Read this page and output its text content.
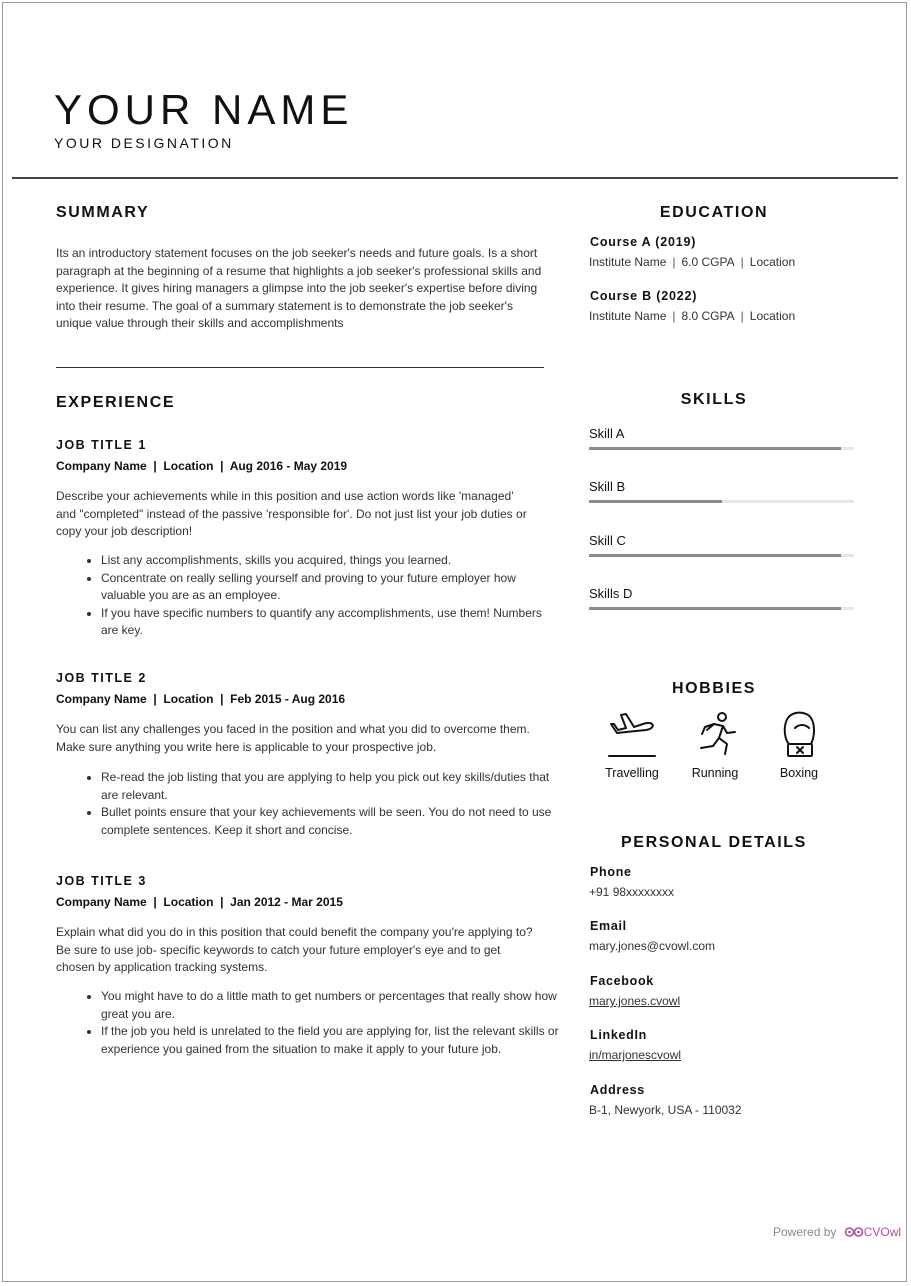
YOUR NAME
YOUR DESIGNATION
SUMMARY

Its an introductory statement focuses on the job seeker's needs and future goals. Is a short paragraph at the beginning of a resume that highlights a job seeker's professional skills and experience. It gives hiring managers a glimpse into the job seeker's expertise before diving into their resume. The goal of a summary statement is to demonstrate the job seeker's unique value through their skills and accomplishments

EXPERIENCE
JOB TITLE 1
Company Name  |  Location  |  Aug 2016 - May 2019

Describe your achievements while in this position and use action words like 'managed' and "completed" instead of the passive 'responsible for'. Do not just list your job duties or copy your job description!

• List any accomplishments, skills you acquired, things you learned.
• Concentrate on really selling yourself and proving to your future employer how valuable you are as an employee.
• If you have specific numbers to quantify any accomplishments, use them! Numbers are key.
JOB TITLE 2
Company Name  |  Location  |  Feb 2015 - Aug 2016

You can list any challenges you faced in the position and what you did to overcome them. Make sure anything you write here is applicable to your prospective job.

• Re-read the job listing that you are applying to help you pick out key skills/duties that are relevant.
• Bullet points ensure that your key achievements will be seen. You do not need to use complete sentences. Keep it short and concise.
JOB TITLE 3
Company Name  |  Location  |  Jan 2012 - Mar 2015

Explain what did you do in this position that could benefit the company you're applying to? Be sure to use job- specific keywords to catch your future employer's eye and to get chosen by application tracking systems.

• You might have to do a little math to get numbers or percentages that really show how great you are.
• If the job you held is unrelated to the field you are applying for, list the relevant skills or experience you gained from the situation to make it apply to your future job.
EDUCATION
Course A (2019)
Institute Name | 6.0 CGPA | Location
Course B (2022)
Institute Name | 8.0 CGPA | Location
SKILLS
Skill A
Skill B
Skill C
Skills D
HOBBIES
Travelling	Running	Boxing
PERSONAL DETAILS
Phone
+91 98xxxxxxxx
Email
mary.jones@cvowl.com
Facebook
mary.jones.cvowl
LinkedIn
in/marjonescvowl
Address
B-1, Newyork, USA - 110032
Powered by CVOwl
